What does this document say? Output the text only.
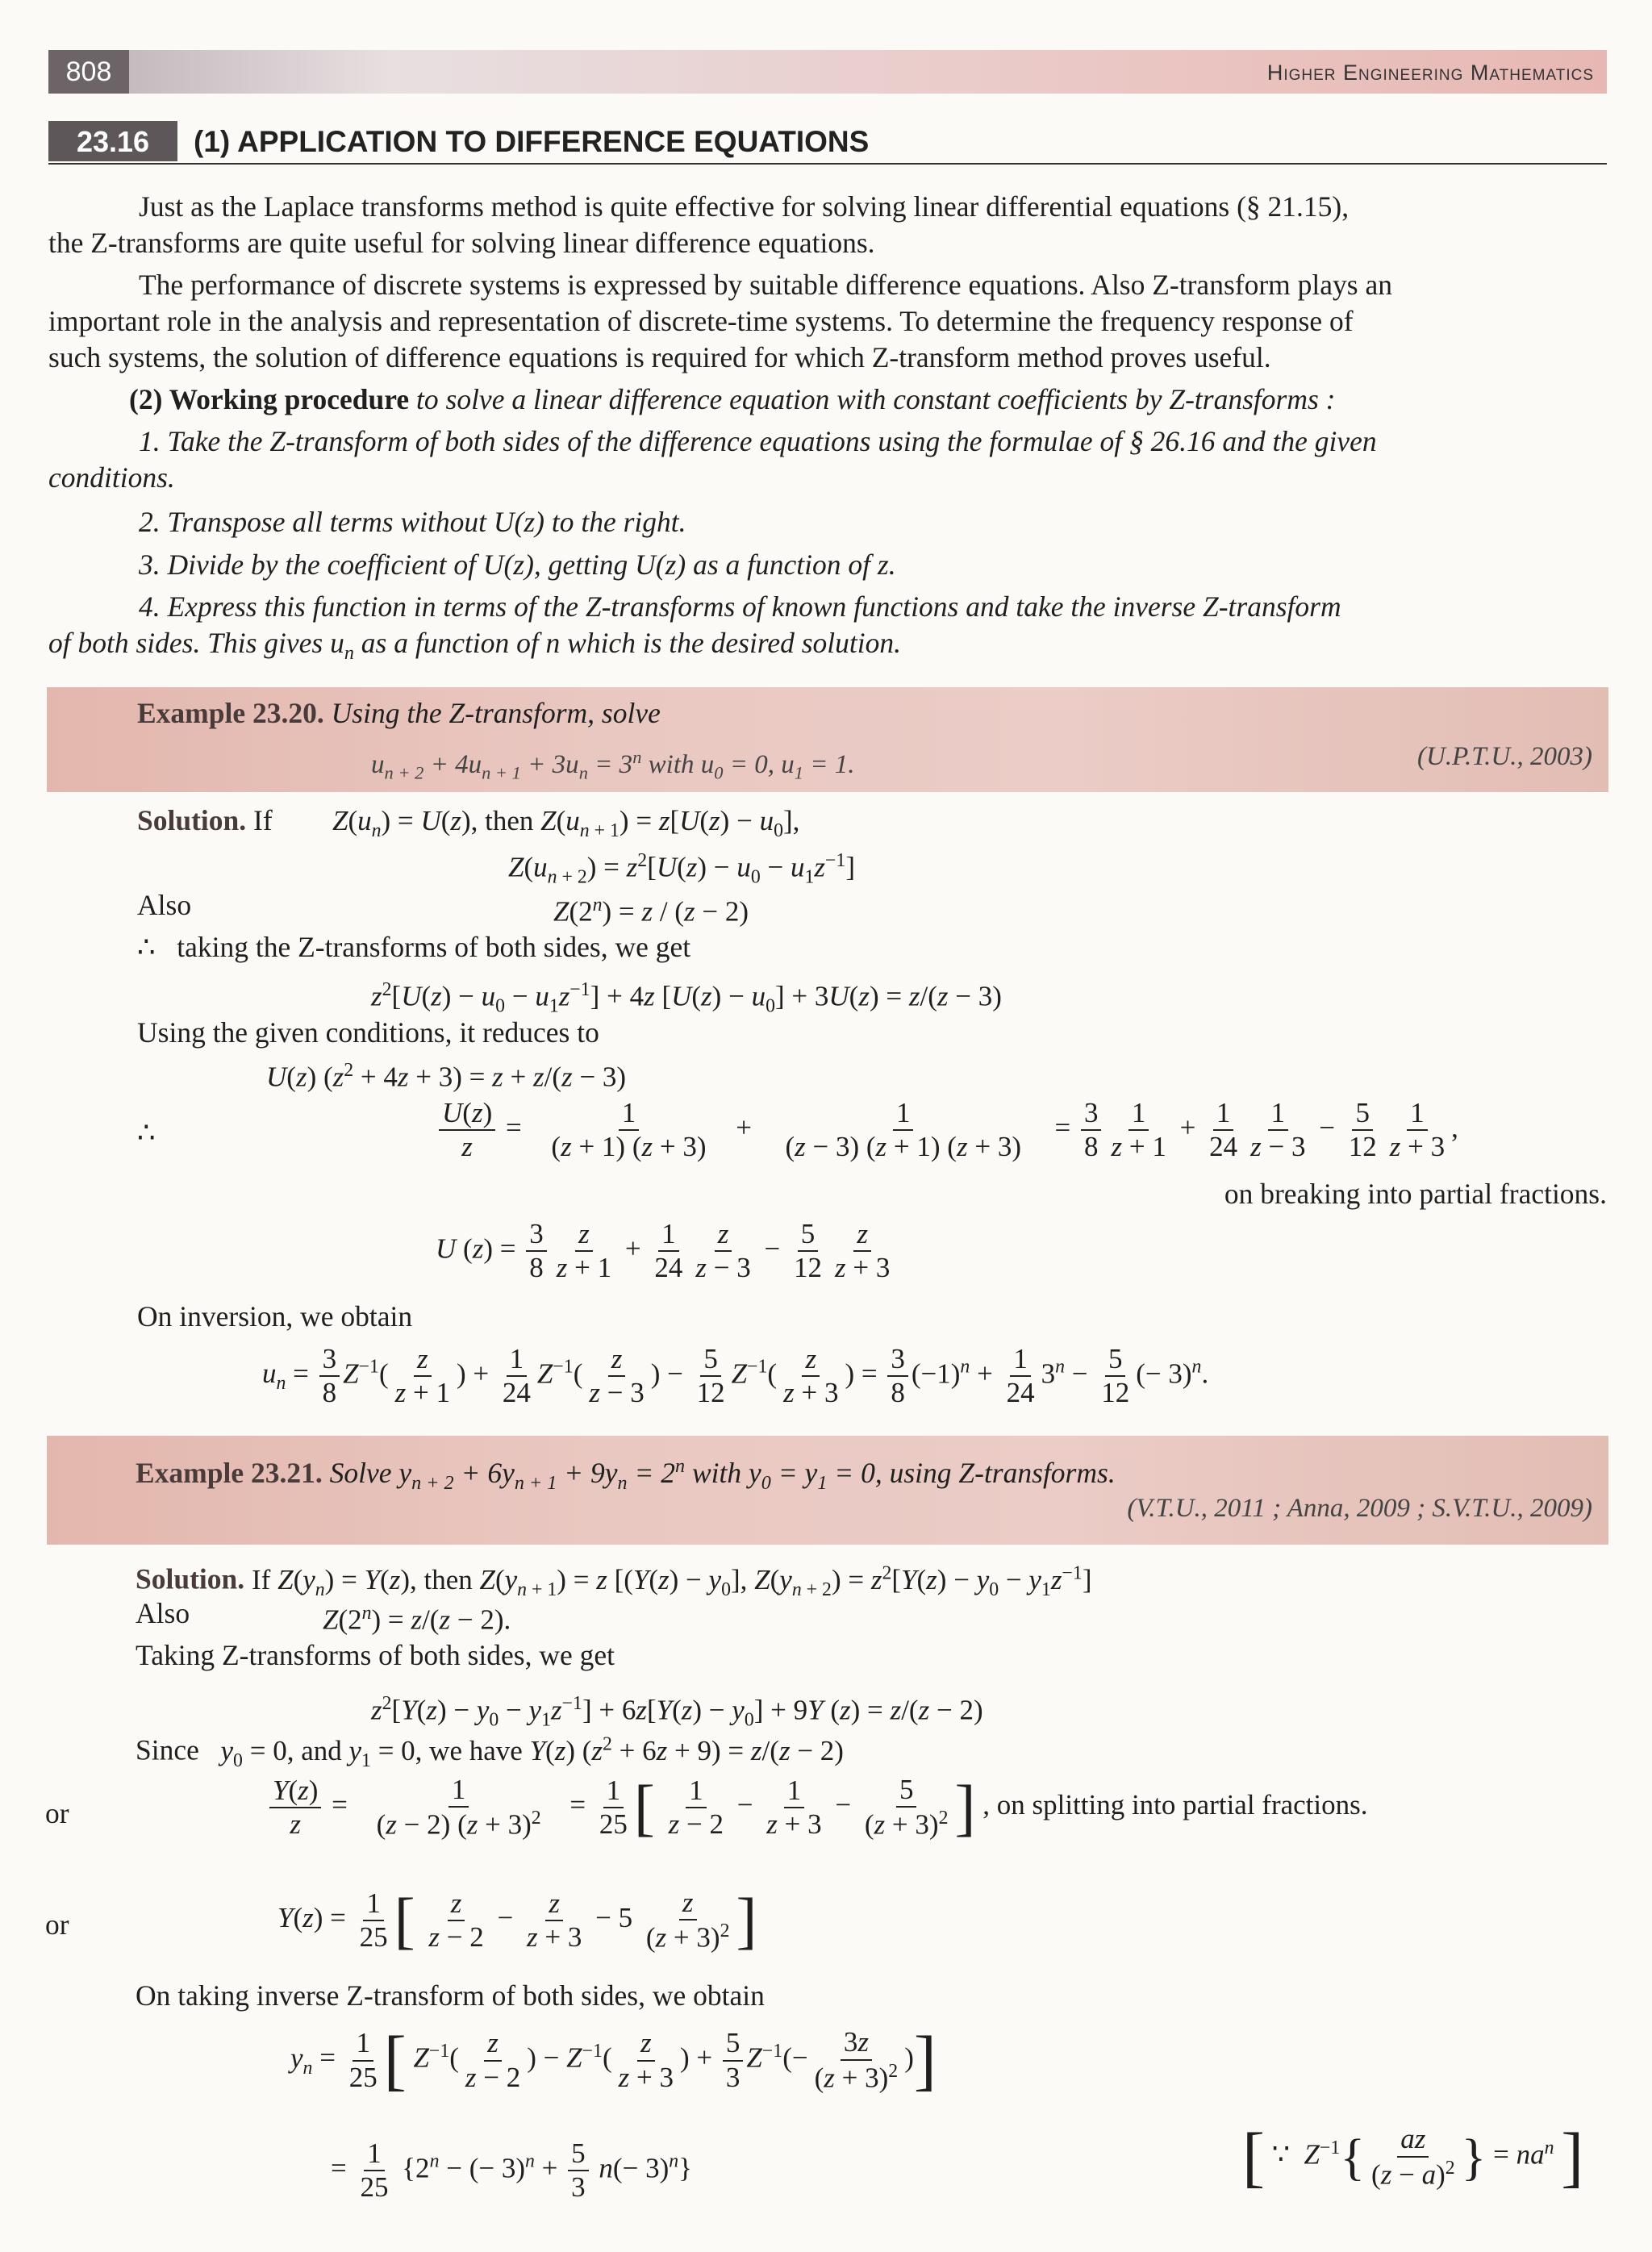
808	Higher Engineering Mathematics
23.16	(1) APPLICATION TO DIFFERENCE EQUATIONS
Just as the Laplace transforms method is quite effective for solving linear differential equations (§ 21.15),
the Z-transforms are quite useful for solving linear difference equations.
The performance of discrete systems is expressed by suitable difference equations. Also Z-transform plays an
important role in the analysis and representation of discrete-time systems. To determine the frequency response of
such systems, the solution of difference equations is required for which Z-transform method proves useful.
(2) Working procedure to solve a linear difference equation with constant coefficients by Z-transforms :
1. Take the Z-transform of both sides of the difference equations using the formulae of § 26.16 and the given
conditions.
2. Transpose all terms without U(z) to the right.
3. Divide by the coefficient of U(z), getting U(z) as a function of z.
4. Express this function in terms of the Z-transforms of known functions and take the inverse Z-transform
of both sides. This gives $u_n$ as a function of n which is the desired solution.
Example 23.20. Using the Z-transform, solve
$u_{n + 2} + 4u_{n + 1} + 3u_n = 3^n$ with $u_0 = 0$, $u_1 = 1$.	(U.P.T.U., 2003)
Solution. If $Z(u_n) = U(z)$, then $Z(u_{n + 1}) = z[U(z) - u_0]$,
$Z(u_{n + 2}) = z^2[U(z) - u_0 - u_1z^{-1}]$
Also	$Z(2^n) = z / (z - 2)$
∴ taking the Z-transforms of both sides, we get
$z^2[U(z) - u_0 - u_1z^{-1}] + 4z$ $[U(z) - u_0] + 3U(z) = z/(z - 3)$
Using the given conditions, it reduces to
U(z) $(z^2 + 4z + 3) = z + z/(z - 3)$
∴	$\frac{U(z)}{z} = \frac{1}{(z + 1) (z + 3)} + \frac{1}{(z - 3) (z + 1) (z + 3)} = \frac{3}{8} \frac{1}{z + 1} + \frac{1}{24} \frac{1}{z - 3} - \frac{5}{12} \frac{1}{z + 3}$ ,
on breaking into partial fractions.
U $(z) = \frac{3}{8} \frac{z}{z + 1} + \frac{1}{24} \frac{z}{z - 3} - \frac{5}{12} \frac{z}{z + 3}$
On inversion, we obtain
$u_n = \frac{3}{8} Z^{-1}( \frac{z}{z + 1}$ ) + $\frac{1}{24} Z^{-1}( \frac{z}{z - 3}$ ) − $\frac{5}{12} Z^{-1}( \frac{z}{z + 3}$ ) = $\frac{3}{8} (-1)^n + \frac{1}{24} 3^n - \frac{5}{12}$ (− 3)$^n$.
Example 23.21. Solve $y_{n + 2} + 6y_{n + 1} + 9y_n = 2^n$ with $y_0 = y_1 = 0$, using Z-transforms.
(V.T.U., 2011 ; Anna, 2009 ; S.V.T.U., 2009)
Solution. If $Z(y_n) = Y(z)$, then $Z(y_{n + 1}) = z$ [$(Y(z) - y_0]$, $Z(y_{n + 2}) = z^2[Y(z) - y_0 - y_1z^{-1}]$
Also	$Z(2^n) = z/(z - 2)$.
Taking Z-transforms of both sides, we get
$z^2[Y(z) - y_0 - y_1z^{-1}] + 6z[Y(z) - y_0] + 9Y$ (z) = z/(z − 2)
Since $y_0 = 0$, and $y_1 = 0$, we have Y(z) $(z^2 + 6z + 9) = z/(z - 2)$
or	$\frac{Y(z)}{z} = \frac{1}{(z - 2) (z + 3)^2} = \frac{1}{25}$ [ $\frac{1}{z - 2} - \frac{1}{z + 3} - \frac{5}{(z + 3)^2}$ ] , on splitting into partial fractions.
or	$Y(z) = \frac{1}{25}$ [ $\frac{z}{z - 2} - \frac{z}{z + 3} - 5 \frac{z}{(z + 3)^2}$ ]
On taking inverse Z-transform of both sides, we obtain
$y_n = \frac{1}{25}$ [ $Z^{-1}( \frac{z}{z - 2}$ ) − $Z^{-1}( \frac{z}{z + 3}$ ) + $\frac{5}{3} Z^{-1}(- \frac{3z}{(z + 3)^2}$ )]
= $\frac{1}{25} \{2^n$ − (− $3)^n + \frac{5}{3} n(- 3)^n$}	[ ∵  $Z^{-1}\{ \frac{az}{(z - a)^2}$ } = $na^n$ ]
